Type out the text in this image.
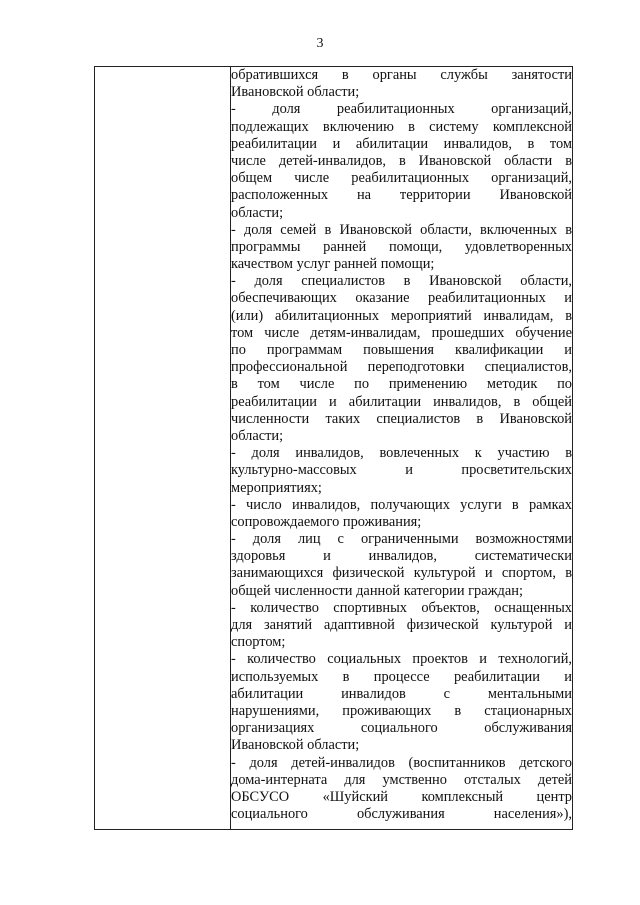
3

обратившихся в органы службы занятости
Ивановской области;
- доля реабилитационных организаций,
подлежащих включению в систему комплексной
реабилитации и абилитации инвалидов, в том
числе детей-инвалидов, в Ивановской области в
общем числе реабилитационных организаций,
расположенных на территории Ивановской
области;
- доля семей в Ивановской области, включенных в
программы ранней помощи, удовлетворенных
качеством услуг ранней помощи;
- доля специалистов в Ивановской области,
обеспечивающих оказание реабилитационных и
(или) абилитационных мероприятий инвалидам, в
том числе детям-инвалидам, прошедших обучение
по программам повышения квалификации и
профессиональной переподготовки специалистов,
в том числе по применению методик по
реабилитации и абилитации инвалидов, в общей
численности таких специалистов в Ивановской
области;
- доля инвалидов, вовлеченных к участию в
культурно-массовых и просветительских
мероприятиях;
- число инвалидов, получающих услуги в рамках
сопровождаемого проживания;
- доля лиц с ограниченными возможностями
здоровья и инвалидов, систематически
занимающихся физической культурой и спортом, в
общей численности данной категории граждан;
- количество спортивных объектов, оснащенных
для занятий адаптивной физической культурой и
спортом;
- количество социальных проектов и технологий,
используемых в процессе реабилитации и
абилитации инвалидов с ментальными
нарушениями, проживающих в стационарных
организациях социального обслуживания
Ивановской области;
- доля детей-инвалидов (воспитанников детского
дома-интерната для умственно отсталых детей
ОБСУСО «Шуйский комплексный центр
социального обслуживания населения»),
